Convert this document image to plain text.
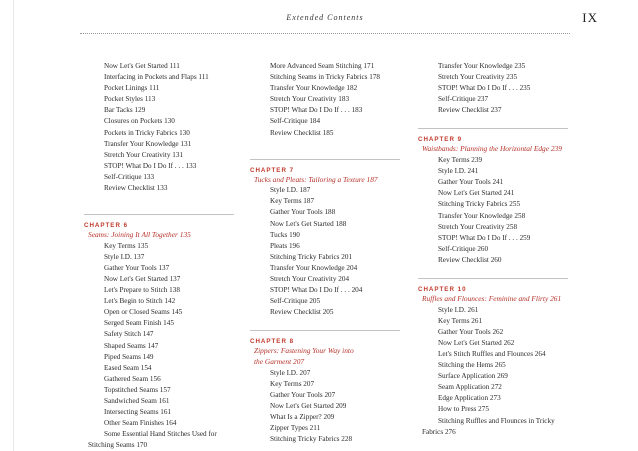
Extended Contents	IX
Now Let's Get Started 111
Interfacing in Pockets and Flaps 111
Pocket Linings 111
Pocket Styles 113
Bar Tacks 129
Closures on Pockets 130
Pockets in Tricky Fabrics 130
Transfer Your Knowledge 131
Stretch Your Creativity 131
STOP! What Do I Do If . . . 133
Self-Critique 133
Review Checklist 133
CHAPTER 6
Seams: Joining It All Together 135
Key Terms 135
Style I.D. 137
Gather Your Tools 137
Now Let's Get Started 137
Let's Prepare to Stitch 138
Let's Begin to Stitch 142
Open or Closed Seams 145
Serged Seam Finish 145
Safety Stitch 147
Shaped Seams 147
Piped Seams 149
Eased Seam 154
Gathered Seam 156
Topstitched Seams 157
Sandwiched Seam 161
Intersecting Seams 161
Other Seam Finishes 164
Some Essential Hand Stitches Used for Stitching Seams 170
More Advanced Seam Stitching 171
Stitching Seams in Tricky Fabrics 178
Transfer Your Knowledge 182
Stretch Your Creativity 183
STOP! What Do I Do If . . . 183
Self-Critique 184
Review Checklist 185
CHAPTER 7
Tucks and Pleats: Tailoring a Texture 187
Style I.D. 187
Key Terms 187
Gather Your Tools 188
Now Let's Get Started 188
Tucks 190
Pleats 196
Stitching Tricky Fabrics 201
Transfer Your Knowledge 204
Stretch Your Creativity 204
STOP! What Do I Do If . . . 204
Self-Critique 205
Review Checklist 205
CHAPTER 8
Zippers: Fastening Your Way into the Garment 207
Style I.D. 207
Key Terms 207
Gather Your Tools 207
Now Let's Get Started 209
What Is a Zipper? 209
Zipper Types 211
Stitching Tricky Fabrics 228
Transfer Your Knowledge 235
Stretch Your Creativity 235
STOP! What Do I Do If . . . 235
Self-Critique 237
Review Checklist 237
CHAPTER 9
Waistbands: Planning the Horizontal Edge 239
Key Terms 239
Style I.D. 241
Gather Your Tools 241
Now Let's Get Started 241
Stitching Tricky Fabrics 255
Transfer Your Knowledge 258
Stretch Your Creativity 258
STOP! What Do I Do If . . . 259
Self-Critique 260
Review Checklist 260
CHAPTER 10
Ruffles and Flounces: Feminine and Flirty 261
Style I.D. 261
Key Terms 261
Gather Your Tools 262
Now Let's Get Started 262
Let's Stitch Ruffles and Flounces 264
Stitching the Hems 265
Surface Application 269
Seam Application 272
Edge Application 273
How to Press 275
Stitching Ruffles and Flounces in Tricky Fabrics 276
